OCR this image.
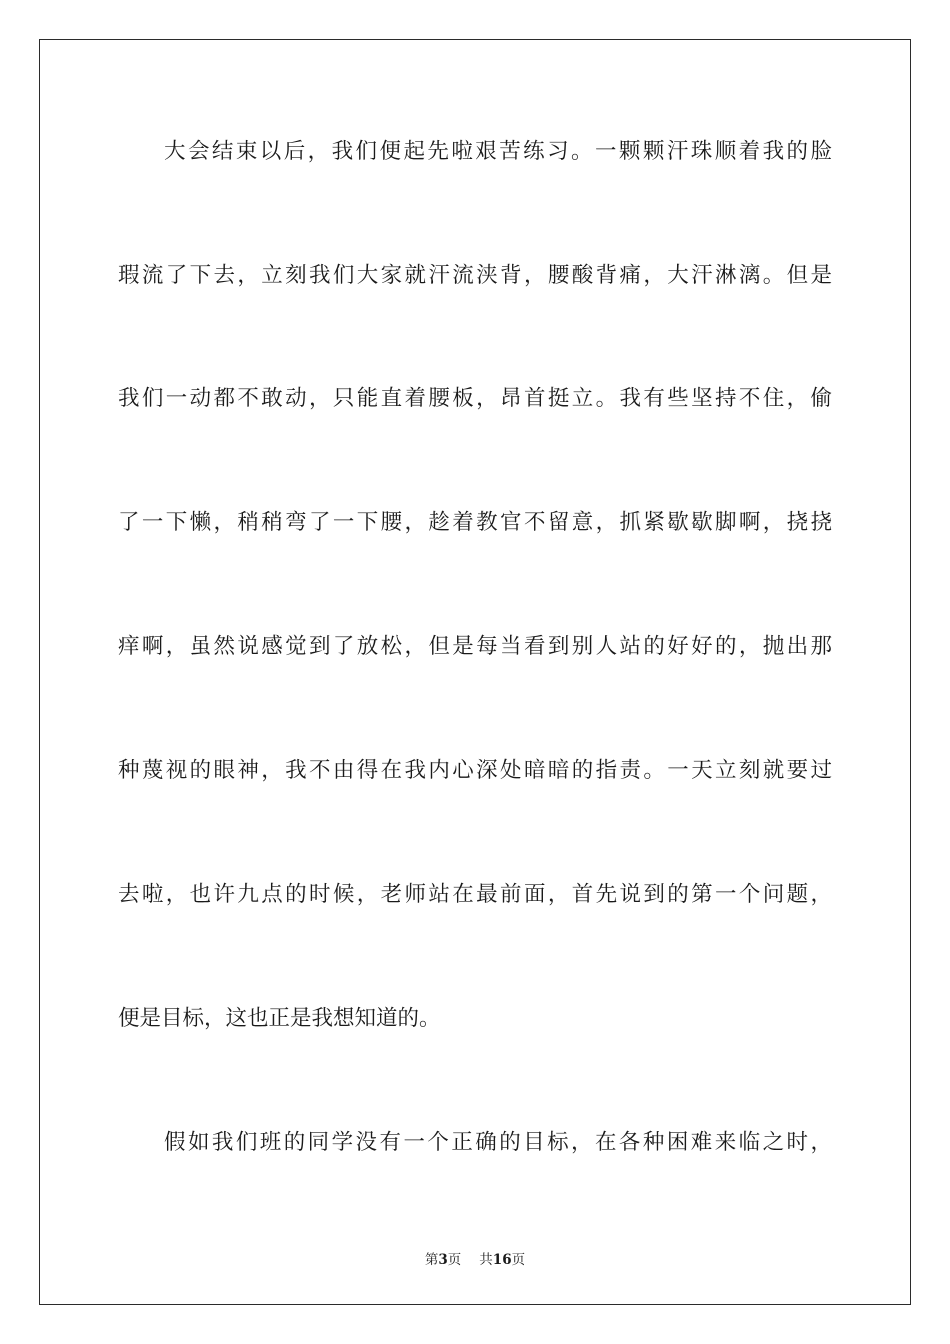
大会结束以后，我们便起先啦艰苦练习。一颗颗汗珠顺着我的脸
瑕流了下去，立刻我们大家就汗流浃背，腰酸背痛，大汗淋漓。但是
我们一动都不敢动，只能直着腰板，昂首挺立。我有些坚持不住，偷
了一下懒，稍稍弯了一下腰，趁着教官不留意，抓紧歇歇脚啊，挠挠
痒啊，虽然说感觉到了放松，但是每当看到别人站的好好的，抛出那
种蔑视的眼神，我不由得在我内心深处暗暗的指责。一天立刻就要过
去啦，也许九点的时候，老师站在最前面，首先说到的第一个问题，
便是目标，这也正是我想知道的。
假如我们班的同学没有一个正确的目标，在各种困难来临之时，
第3页 共16页
